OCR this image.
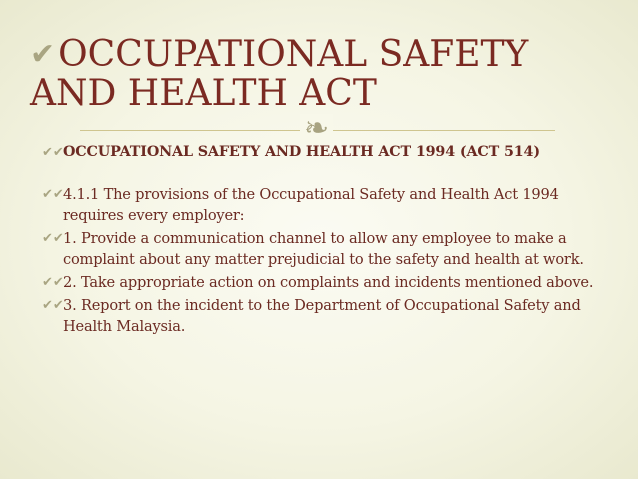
✔OCCUPATIONAL SAFETY
AND HEALTH ACT
❧
✔✔ OCCUPATIONAL SAFETY AND HEALTH ACT 1994 (ACT 514)
✔✔ 4.1.1 The provisions of the Occupational Safety and Health Act 1994 requires every employer:
✔✔ 1. Provide a communication channel to allow any employee to make a complaint about any matter prejudicial to the safety and health at work.
✔✔ 2. Take appropriate action on complaints and incidents mentioned above.
✔✔ 3. Report on the incident to the Department of Occupational Safety and Health Malaysia.
